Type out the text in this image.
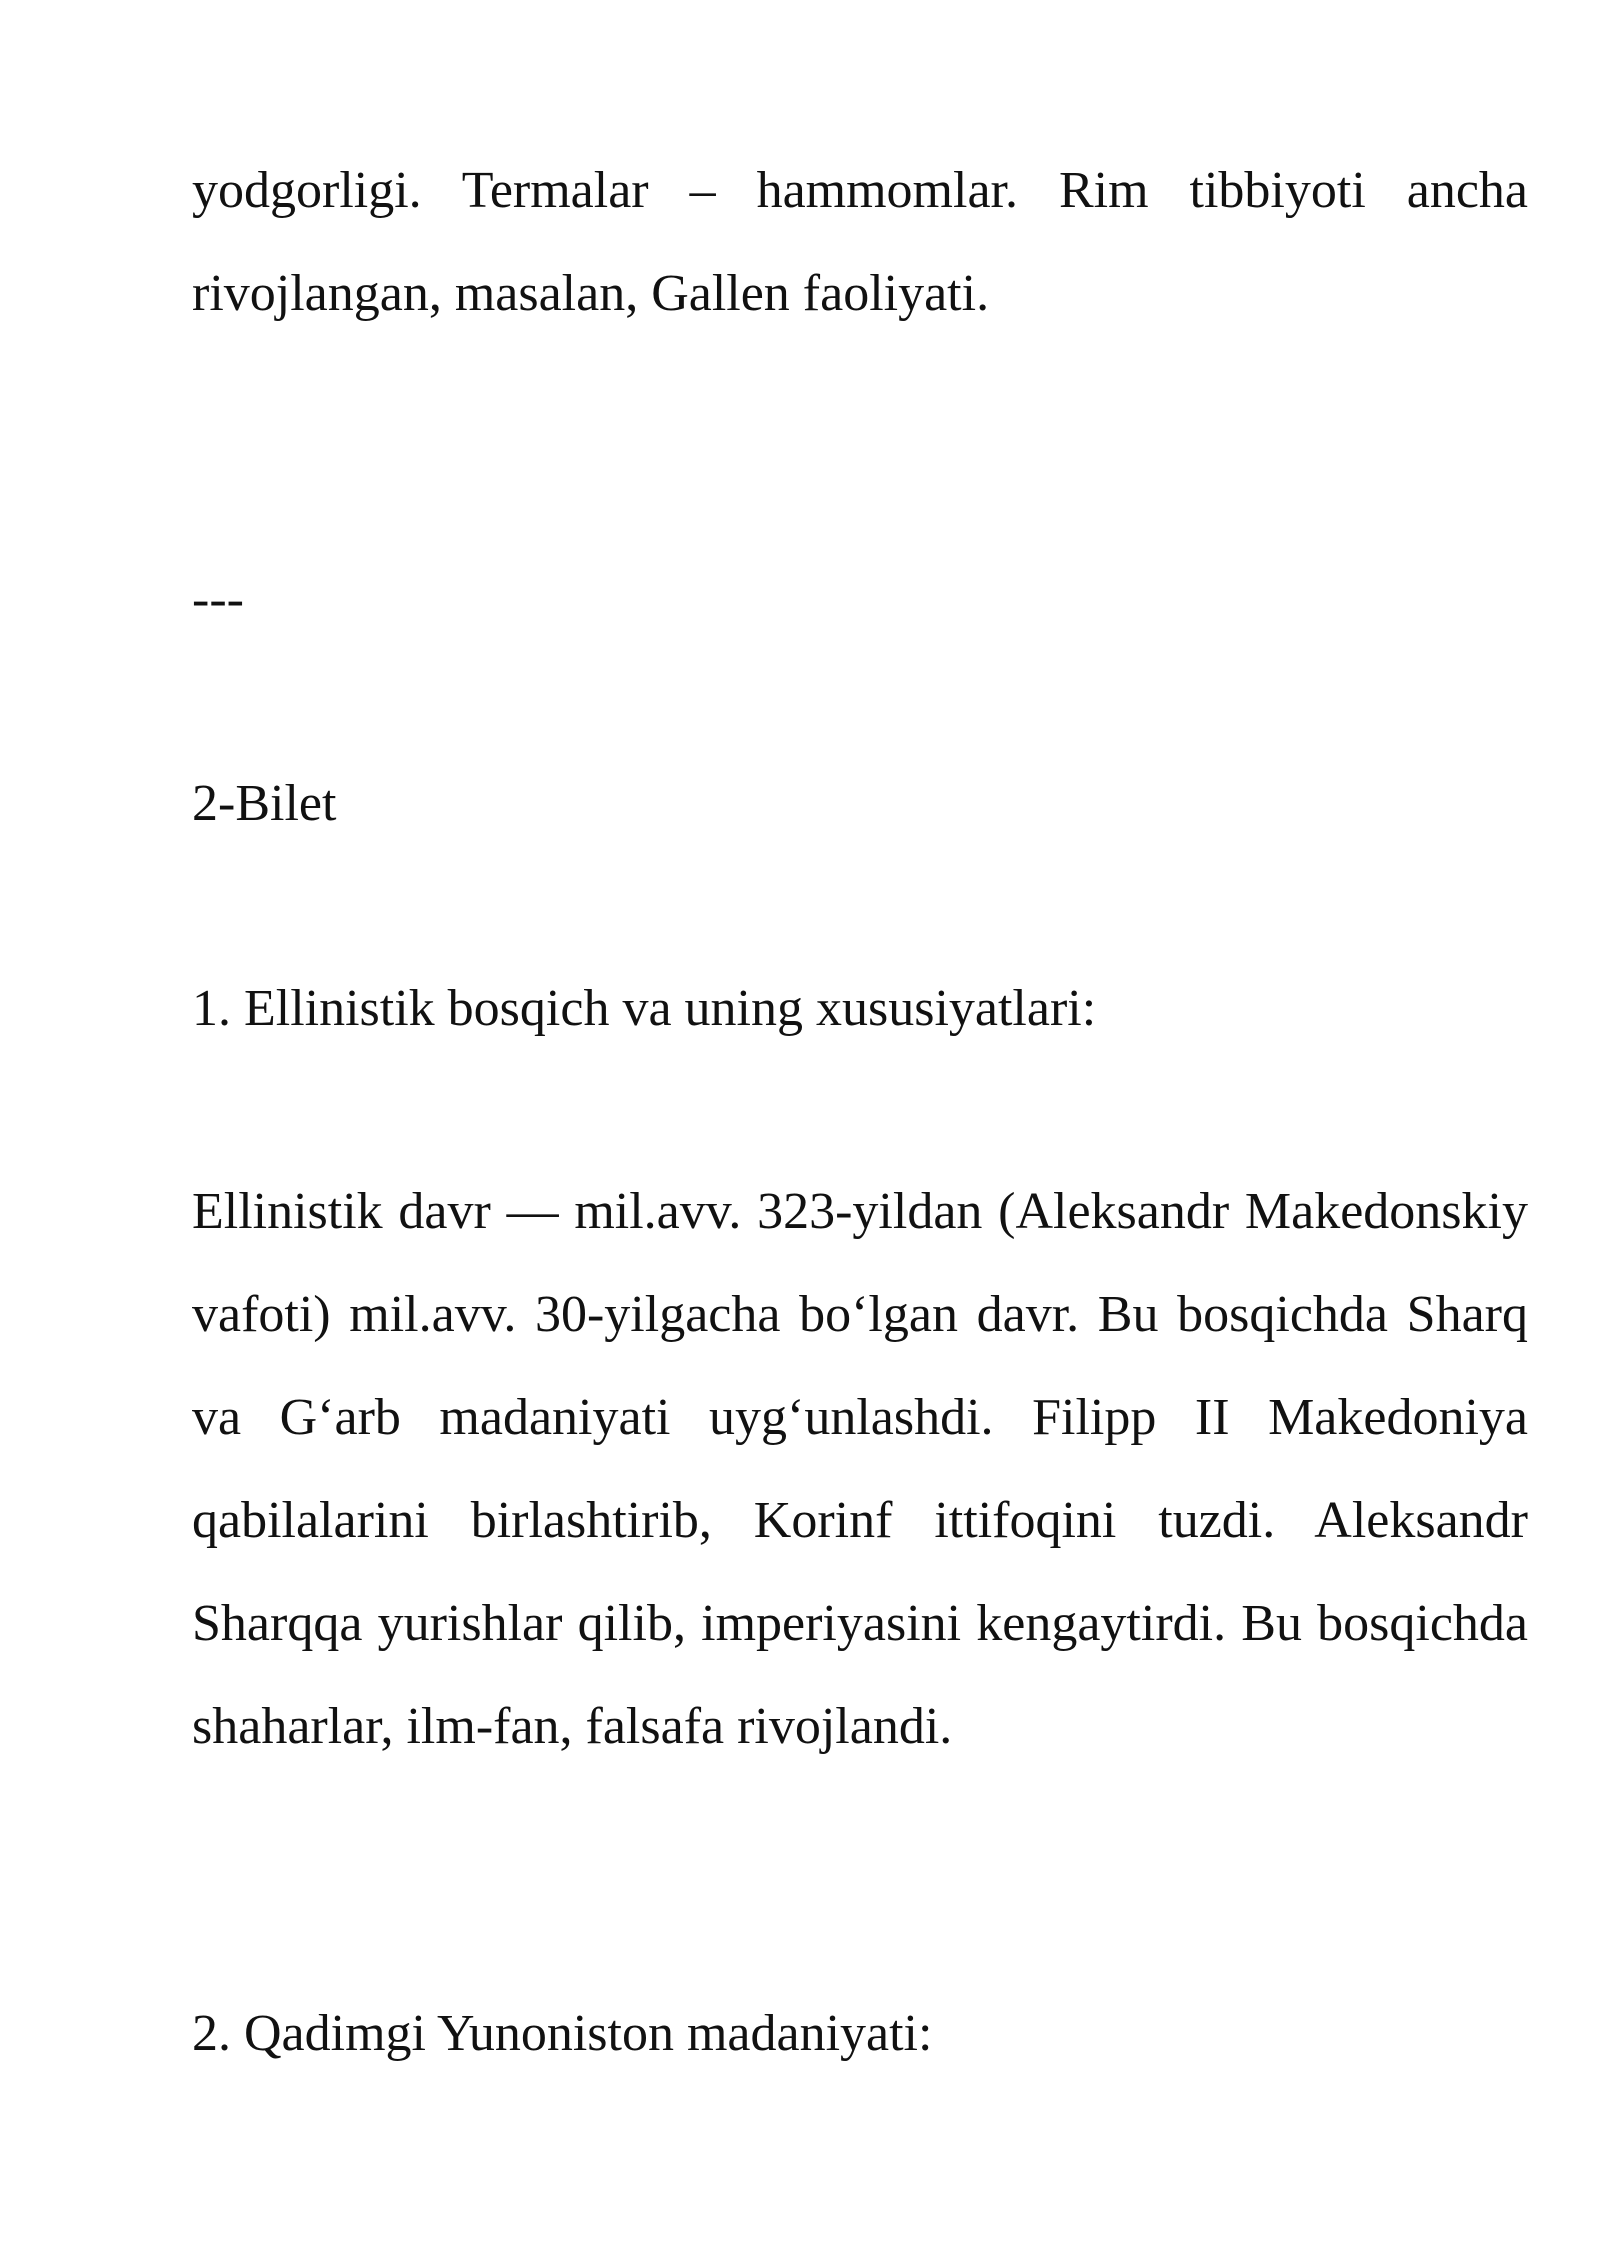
yodgorligi. Termalar – hammomlar. Rim tibbiyoti ancha rivojlangan, masalan, Gallen faoliyati.

---

2-Bilet

1. Ellinistik bosqich va uning xususiyatlari:

Ellinistik davr — mil.avv. 323-yildan (Aleksandr Makedonskiy vafoti) mil.avv. 30-yilgacha bo‘lgan davr. Bu bosqichda Sharq va G‘arb madaniyati uyg‘unlashdi. Filipp II Makedoniya qabilalarini birlashtirib, Korinf ittifoqini tuzdi. Aleksandr Sharqqa yurishlar qilib, imperiyasini kengaytirdi. Bu bosqichda shaharlar, ilm-fan, falsafa rivojlandi.

2. Qadimgi Yunoniston madaniyati:
